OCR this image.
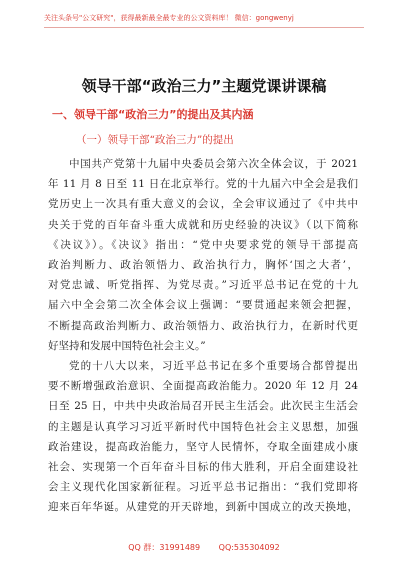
关注头条号"公文研究"，获得最新最全最专业的公文资料库！ 微信：gongwenyj
领导干部“政治三力”主题党课讲课稿
一、领导干部“政治三力”的提出及其内涵
（一）领导干部“政治三力”的提出
中国共产党第十九届中央委员会第六次全体会议，于 2021
年 11 月 8 日至 11 日在北京举行。党的十九届六中全会是我们
党历史上一次具有重大意义的会议，全会审议通过了《中共中
央关于党的百年奋斗重大成就和历史经验的决议》（以下简称
《决议》）。《决议》指出：“党中央要求党的领导干部提高
政治判断力、政治领悟力、政治执行力，胸怀‘国之大者’，
对党忠诚、听党指挥、为党尽责。”习近平总书记在党的十九
届六中全会第二次全体会议上强调：“要贯通起来领会把握，
不断提高政治判断力、政治领悟力、政治执行力，在新时代更
好坚持和发展中国特色社会主义。”
党的十八大以来，习近平总书记在多个重要场合都曾提出
要不断增强政治意识、全面提高政治能力。2020 年 12 月 24
日至 25 日，中共中央政治局召开民主生活会。此次民主生活会
的主题是认真学习习近平新时代中国特色社会主义思想，加强
政治建设，提高政治能力，坚守人民情怀，夺取全面建成小康
社会、实现第一个百年奋斗目标的伟大胜利，开启全面建设社
会主义现代化国家新征程。习近平总书记指出：“我们党即将
迎来百年华诞。从建党的开天辟地，到新中国成立的改天换地，
QQ 群：31991489 QQ:535304092
